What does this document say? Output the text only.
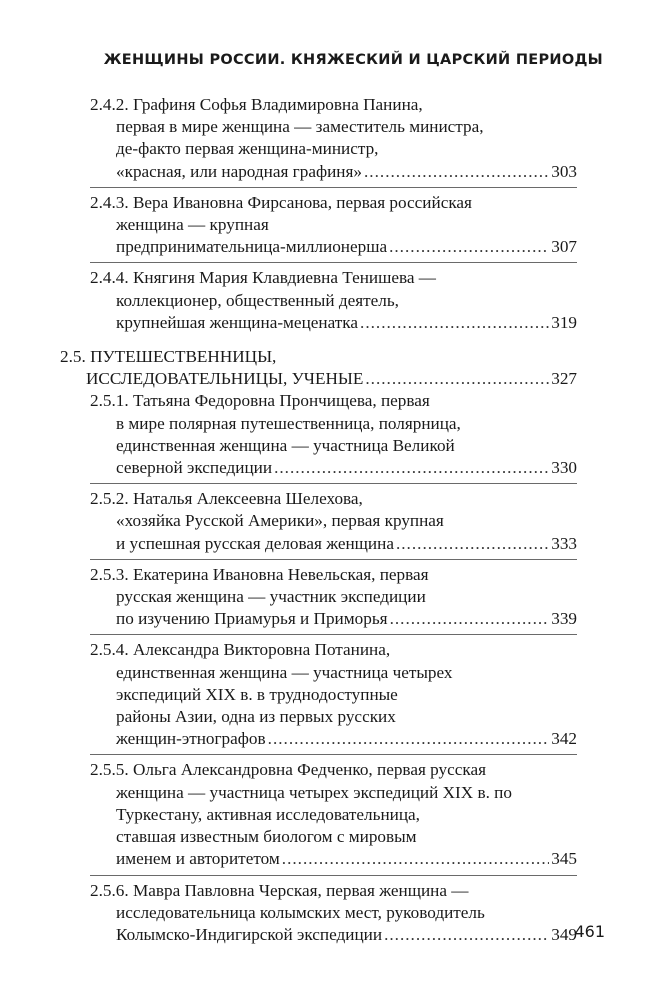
ЖЕНЩИНЫ РОССИИ. КНЯЖЕСКИЙ И ЦАРСКИЙ ПЕРИОДЫ
2.4.2. Графиня Софья Владимировна Панина,
первая в мире женщина — заместитель министра,
де-факто первая женщина-министр,
«красная, или народная графиня» .....	303
2.4.3. Вера Ивановна Фирсанова, первая российская
женщина — крупная
предпринимательница-миллионерша .....	307
2.4.4. Княгиня Мария Клавдиевна Тенишева —
коллекционер, общественный деятель,
крупнейшая женщина-меценатка .....	319
2.5. ПУТЕШЕСТВЕННИЦЫ,
ИССЛЕДОВАТЕЛЬНИЦЫ, УЧЕНЫЕ .....	327
2.5.1. Татьяна Федоровна Прончищева, первая
в мире полярная путешественница, полярница,
единственная женщина — участница Великой
северной экспедиции .....	330
2.5.2. Наталья Алексеевна Шелехова,
«хозяйка Русской Америки», первая крупная
и успешная русская деловая женщина .....	333
2.5.3. Екатерина Ивановна Невельская, первая
русская женщина — участник экспедиции
по изучению Приамурья и Приморья .....	339
2.5.4. Александра Викторовна Потанина,
единственная женщина — участница четырех
экспедиций XIX в. в труднодоступные
районы Азии, одна из первых русских
женщин-этнографов .....	342
2.5.5. Ольга Александровна Федченко, первая русская
женщина — участница четырех экспедиций XIX в. по
Туркестану, активная исследовательница,
ставшая известным биологом с мировым
именем и авторитетом .....	345
2.5.6. Мавра Павловна Черская, первая женщина —
исследовательница колымских мест, руководитель
Колымско-Индигирской экспедиции .....	349
461
